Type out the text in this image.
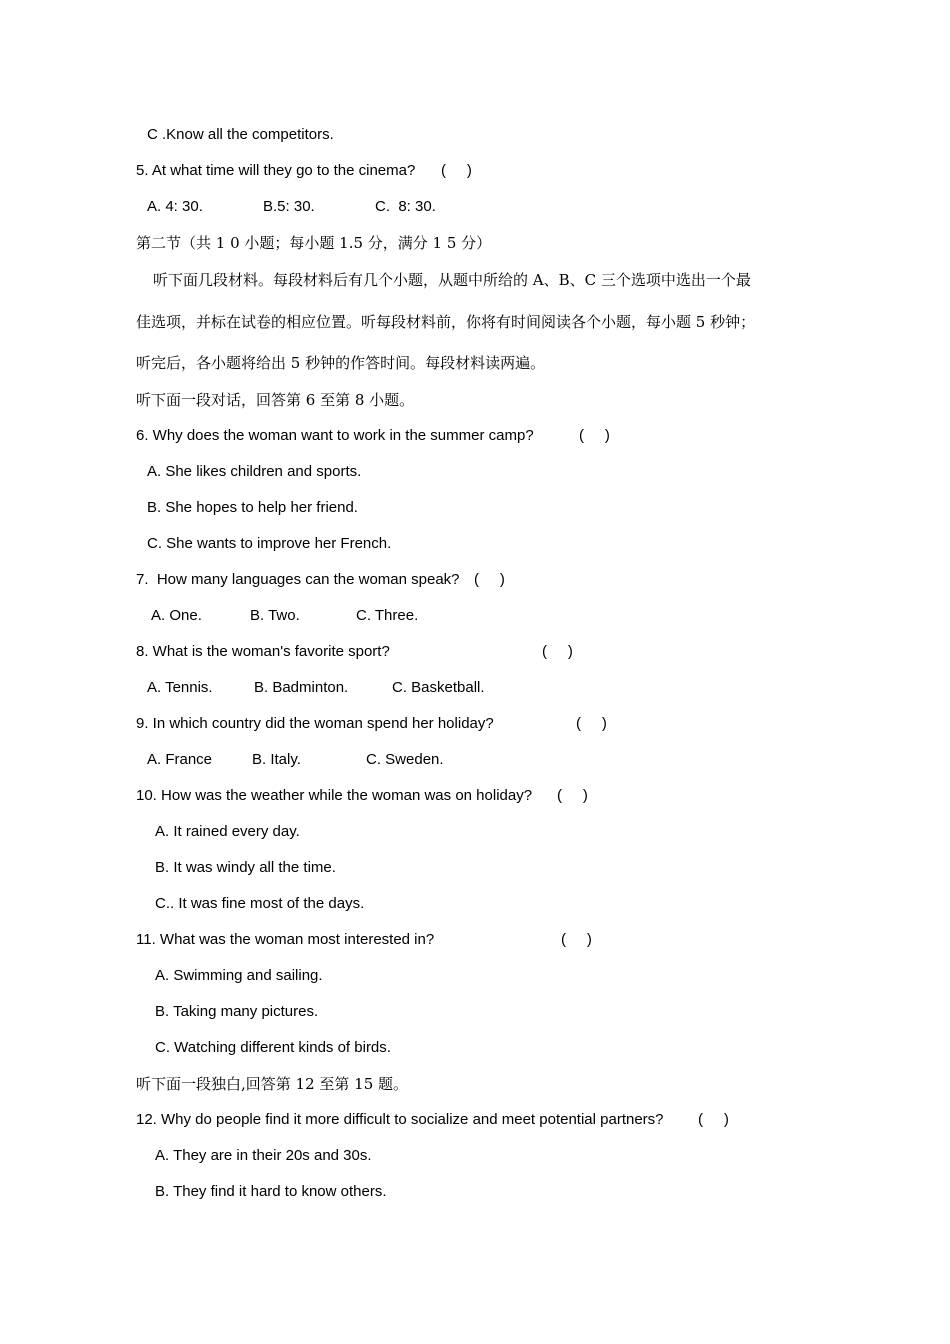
C .Know all the competitors.
5. At what time will they go to the cinema? (     )
A. 4: 30.	B.5: 30.	C.  8: 30.
第二节（共 1 0 小题；每小题 1.5 分，满分 1 5 分）
听下面几段材料。每段材料后有几个小题，从题中所给的 A、B、C 三个选项中选出一个最
佳选项，并标在试卷的相应位置。听每段材料前，你将有时间阅读各个小题，每小题 5 秒钟；
听完后，各小题将给出 5 秒钟的作答时间。每段材料读两遍。
听下面一段对话，回答第 6 至第 8 小题。
6. Why does the woman want to work in the summer camp?	(     )
A. She likes children and sports.
B. She hopes to help her friend.
C. She wants to improve her French.
7.  How many languages can the woman speak? (     )
A. One.	B. Two.	C. Three.
8. What is the woman's favorite sport?	(     )
A. Tennis.	B. Badminton.	C. Basketball.
9. In which country did the woman spend her holiday?	(     )
A. France	B. Italy.	C. Sweden.
10. How was the weather while the woman was on holiday? (     )
A. It rained every day.
B. It was windy all the time.
C.. It was fine most of the days.
11. What was the woman most interested in?	(     )
A. Swimming and sailing.
B. Taking many pictures.
C. Watching different kinds of birds.
听下面一段独白,回答第 12 至第 15 题。
12. Why do people find it more difficult to socialize and meet potential partners? (     )
A. They are in their 20s and 30s.
B. They find it hard to know others.
